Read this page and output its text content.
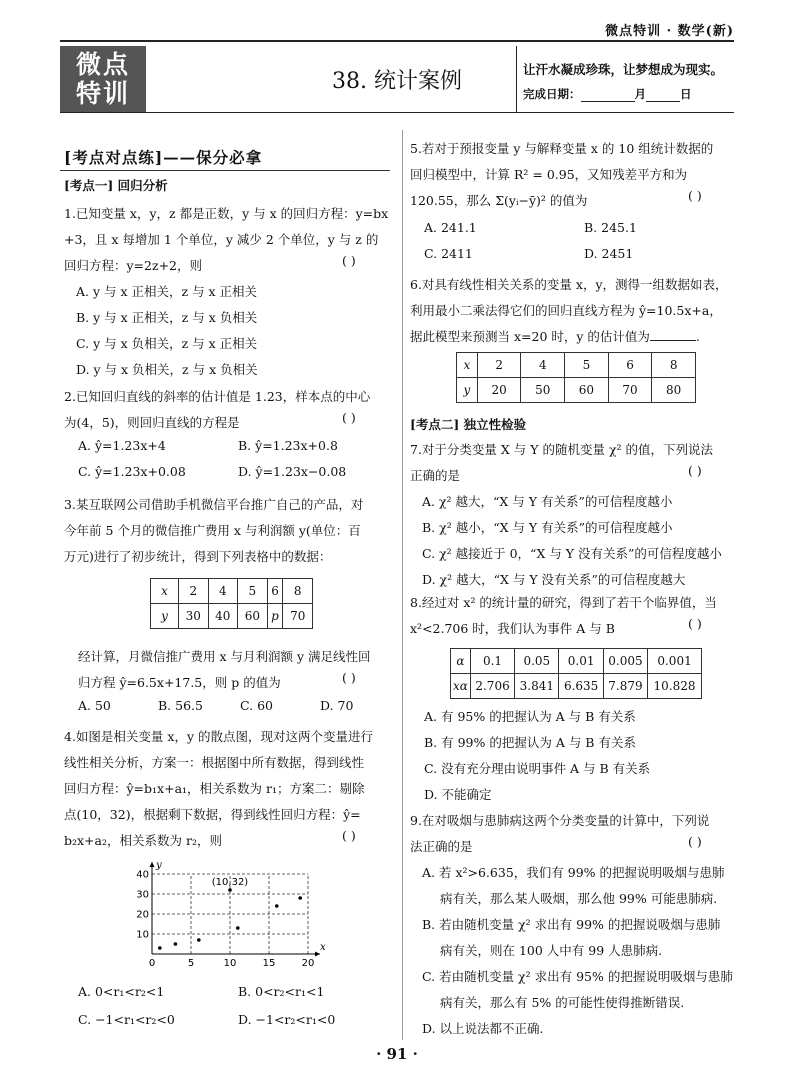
微点特训 · 数学(新)
微点
特训	38. 统计案例	让汗水凝成珍珠，让梦想成为现实。
完成日期：	月	日
[考点对点练]——保分必拿
[考点一] 回归分析
1.已知变量 x，y，z 都是正数，y 与 x 的回归方程：y=bx
+3，且 x 每增加 1 个单位，y 减少 2 个单位，y 与 z 的
回归方程：y=2z+2，则
A. y 与 x 正相关，z 与 x 正相关
B. y 与 x 正相关，z 与 x 负相关
C. y 与 x 负相关，z 与 x 正相关
D. y 与 x 负相关，z 与 x 负相关
( )
2.已知回归直线的斜率的估计值是 1.23，样本点的中心
为(4，5)，则回归直线的方程是	( )
A. ŷ=1.23x+4	B. ŷ=1.23x+0.8
C. ŷ=1.23x+0.08	D. ŷ=1.23x−0.08
3.某互联网公司借助手机微信平台推广自己的产品，对
今年前 5 个月的微信推广费用 x 与利润额 y(单位：百
万元)进行了初步统计，得到下列表格中的数据：
x	2	4	5	6	8
y	30	40	60	p	70
经计算，月微信推广费用 x 与月利润额 y 满足线性回
归方程 ŷ=6.5x+17.5，则 p 的值为	( )
A. 50	B. 56.5	C. 60	D. 70
4.如图是相关变量 x，y 的散点图，现对这两个变量进行
线性相关分析，方案一：根据图中所有数据，得到线性
回归方程：ŷ=b₁x+a₁，相关系数为 r₁；方案二：剔除
点(10，32)，根据剩下数据，得到线性回归方程：ŷ=
b₂x+a₂，相关系数为 r₂，则	( )
x
y
0	5	10	15	20
10
20
30
40
(10,32)
A. 0<r₁<r₂<1	B. 0<r₂<r₁<1
C. −1<r₁<r₂<0	D. −1<r₂<r₁<0
5.若对于预报变量 y 与解释变量 x 的 10 组统计数据的
回归模型中，计算 R² = 0.95，又知残差平方和为
120.55，那么 Σ(yᵢ−ȳ)² 的值为	( )
A. 241.1	B. 245.1
C. 2411	D. 2451
6.对具有线性相关关系的变量 x，y，测得一组数据如表，
利用最小二乘法得它们的回归直线方程为 ŷ=10.5x+a，
据此模型来预测当 x=20 时，y 的估计值为	.
x	2	4	5	6	8
y	20	50	60	70	80
[考点二] 独立性检验
7.对于分类变量 X 与 Y 的随机变量 χ² 的值，下列说法
正确的是
A. χ² 越大，“X 与 Y 有关系”的可信程度越小
B. χ² 越小，“X 与 Y 有关系”的可信程度越小
C. χ² 越接近于 0，“X 与 Y 没有关系”的可信程度越小
D. χ² 越大，“X 与 Y 没有关系”的可信程度越大
( )
8.经过对 x² 的统计量的研究，得到了若干个临界值，当
x²<2.706 时，我们认为事件 A 与 B	( )
α	0.1	0.05	0.01	0.005	0.001
xα	2.706	3.841	6.635	7.879	10.828
A. 有 95% 的把握认为 A 与 B 有关系
B. 有 99% 的把握认为 A 与 B 有关系
C. 没有充分理由说明事件 A 与 B 有关系
D. 不能确定
9.在对吸烟与患肺病这两个分类变量的计算中，下列说
法正确的是
A. 若 x²>6.635，我们有 99% 的把握说明吸烟与患肺
病有关，那么某人吸烟，那么他 99% 可能患肺病.
B. 若由随机变量 χ² 求出有 99% 的把握说吸烟与患肺
病有关，则在 100 人中有 99 人患肺病.
C. 若由随机变量 χ² 求出有 95% 的把握说明吸烟与患肺
病有关，那么有 5% 的可能性使得推断错误.
D. 以上说法都不正确.
( )
· 91 ·
